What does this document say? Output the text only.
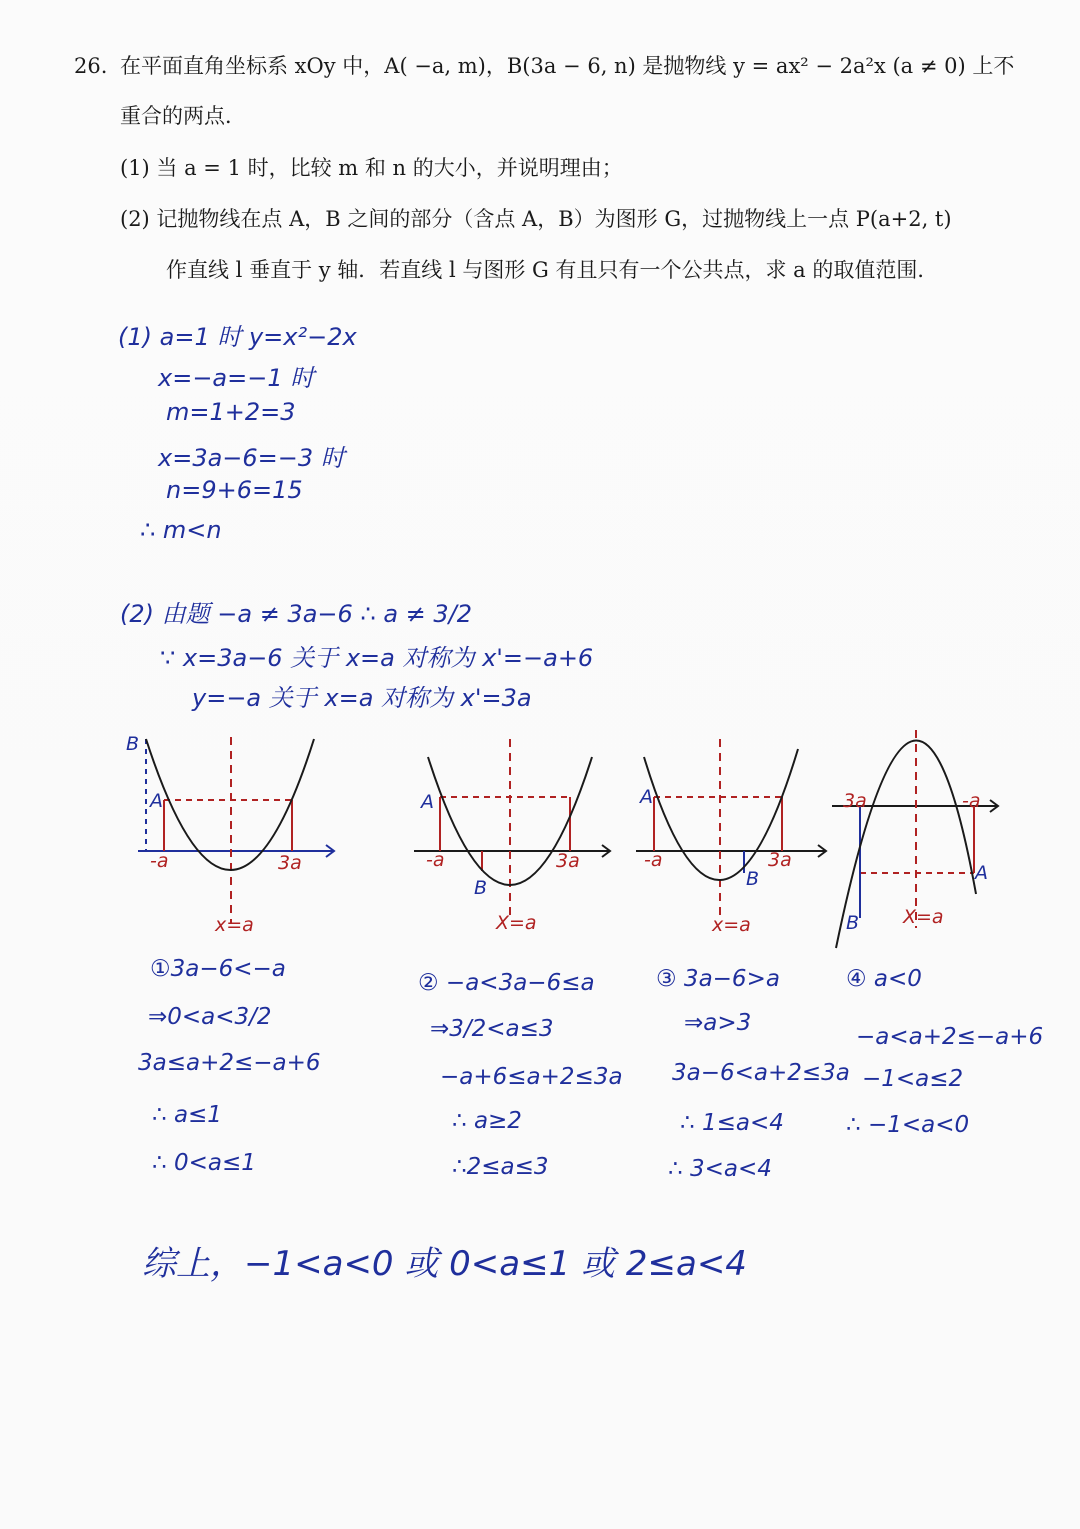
26. 在平面直角坐标系 xOy 中，A( −a, m)，B(3a − 6, n) 是抛物线 y = ax² − 2a²x (a ≠ 0) 上不
重合的两点．
(1) 当 a = 1 时，比较 m 和 n 的大小，并说明理由；
(2) 记抛物线在点 A，B 之间的部分（含点 A，B）为图形 G，过抛物线上一点 P(a+2, t)
作直线 l 垂直于 y 轴．若直线 l 与图形 G 有且只有一个公共点，求 a 的取值范围．
(1) a=1 时 y=x²−2x
x=−a=−1 时
m=1+2=3
x=3a−6=−3 时
n=9+6=15
∴ m<n
(2) 由题 −a ≠ 3a−6 ∴ a ≠ 3/2
∵ x=3a−6 关于 x=a 对称为 x'=−a+6
y=−a 关于 x=a 对称为 x'=3a
B
A
-a	3a
x=a
A
B
-a	3a
X=a
A
B
-a	3a
x=a
3a	-a
A
B X=a
①3a−6<−a
⇒0<a<3/2
3a≤a+2≤−a+6
∴ a≤1
∴ 0<a≤1
② −a<3a−6≤a
⇒3/2<a≤3
−a+6≤a+2≤3a
∴ a≥2
∴2≤a≤3
③ 3a−6>a
⇒a>3
3a−6<a+2≤3a
∴ 1≤a<4
∴ 3<a<4
④ a<0
−a<a+2≤−a+6
−1<a≤2
∴ −1<a<0
综上，−1<a<0 或 0<a≤1 或 2≤a<4
